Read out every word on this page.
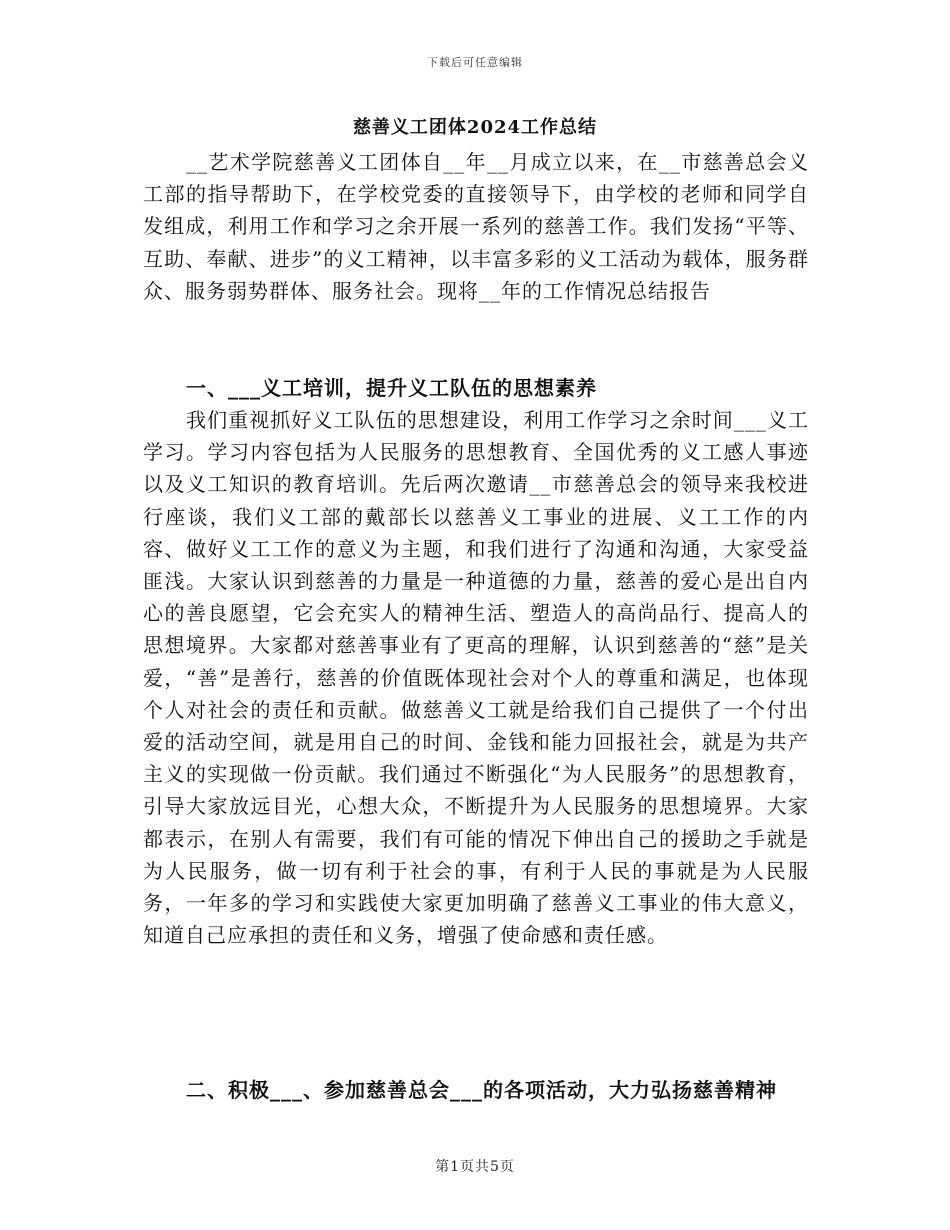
下载后可任意编辑
慈善义工团体2024工作总结

__艺术学院慈善义工团体自__年__月成立以来，在__市慈善总会义工部的指导帮助下，在学校党委的直接领导下，由学校的老师和同学自发组成，利用工作和学习之余开展一系列的慈善工作。我们发扬“平等、互助、奉献、进步”的义工精神，以丰富多彩的义工活动为载体，服务群众、服务弱势群体、服务社会。现将__年的工作情况总结报告

一、___义工培训，提升义工队伍的思想素养

我们重视抓好义工队伍的思想建设，利用工作学习之余时间___义工学习。学习内容包括为人民服务的思想教育、全国优秀的义工感人事迹以及义工知识的教育培训。先后两次邀请__市慈善总会的领导来我校进行座谈，我们义工部的戴部长以慈善义工事业的进展、义工工作的内容、做好义工工作的意义为主题，和我们进行了沟通和沟通，大家受益匪浅。大家认识到慈善的力量是一种道德的力量，慈善的爱心是出自内心的善良愿望，它会充实人的精神生活、塑造人的高尚品行、提高人的思想境界。大家都对慈善事业有了更高的理解，认识到慈善的“慈”是关爱，“善”是善行，慈善的价值既体现社会对个人的尊重和满足，也体现个人对社会的责任和贡献。做慈善义工就是给我们自己提供了一个付出爱的活动空间，就是用自己的时间、金钱和能力回报社会，就是为共产主义的实现做一份贡献。我们通过不断强化“为人民服务”的思想教育，引导大家放远目光，心想大众，不断提升为人民服务的思想境界。大家都表示，在别人有需要，我们有可能的情况下伸出自己的援助之手就是为人民服务，做一切有利于社会的事，有利于人民的事就是为人民服务，一年多的学习和实践使大家更加明确了慈善义工事业的伟大意义，知道自己应承担的责任和义务，增强了使命感和责任感。

二、积极___、参加慈善总会___的各项活动，大力弘扬慈善精神
第1页共5页
